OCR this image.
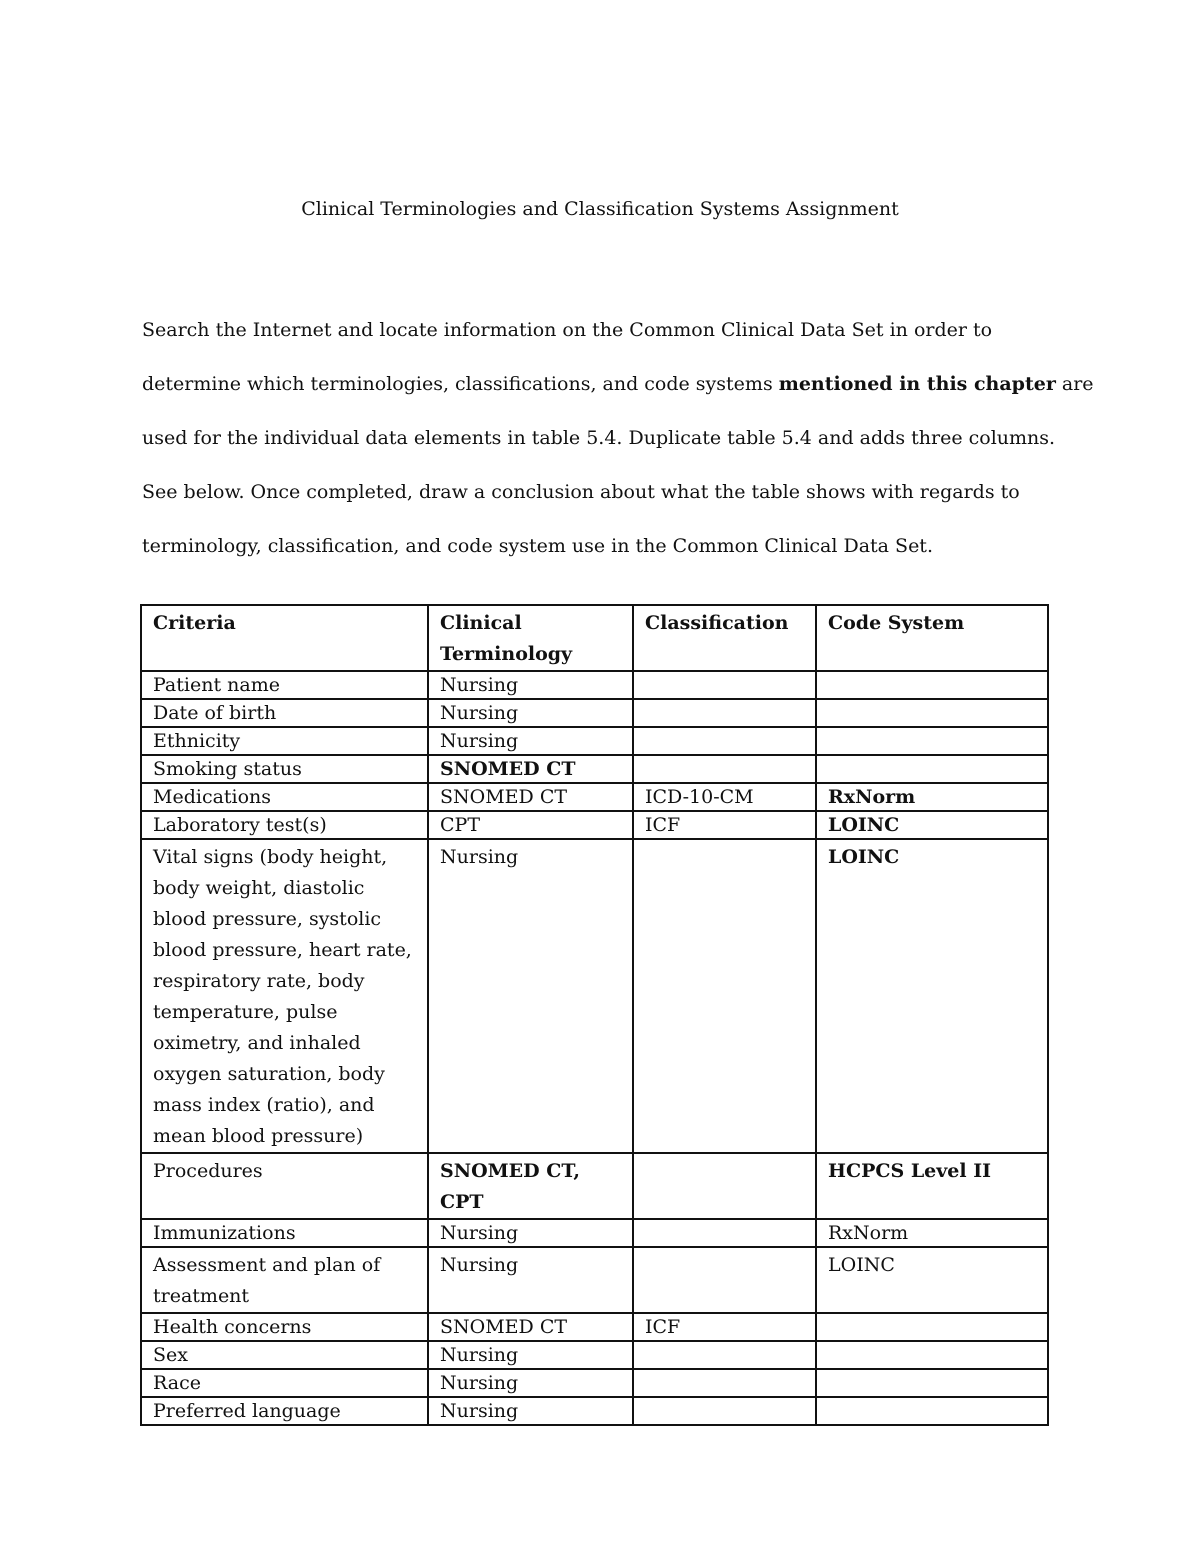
Clinical Terminologies and Classification Systems Assignment

Search the Internet and locate information on the Common Clinical Data Set in order to

determine which terminologies, classifications, and code systems mentioned in this chapter are

used for the individual data elements in table 5.4. Duplicate table 5.4 and adds three columns.

See below. Once completed, draw a conclusion about what the table shows with regards to

terminology, classification, and code system use in the Common Clinical Data Set.

Criteria	Clinical Terminology	Classification	Code System
Patient name	Nursing		
Date of birth	Nursing		
Ethnicity	Nursing		
Smoking status	SNOMED CT		
Medications	SNOMED CT	ICD-10-CM	RxNorm
Laboratory test(s)	CPT	ICF	LOINC
Vital signs (body height, body weight, diastolic blood pressure, systolic blood pressure, heart rate, respiratory rate, body temperature, pulse oximetry, and inhaled oxygen saturation, body mass index (ratio), and mean blood pressure)	Nursing		LOINC
Procedures	SNOMED CT, CPT		HCPCS Level II
Immunizations	Nursing		RxNorm
Assessment and plan of treatment	Nursing		LOINC
Health concerns	SNOMED CT	ICF	
Sex	Nursing		
Race	Nursing		
Preferred language	Nursing		
